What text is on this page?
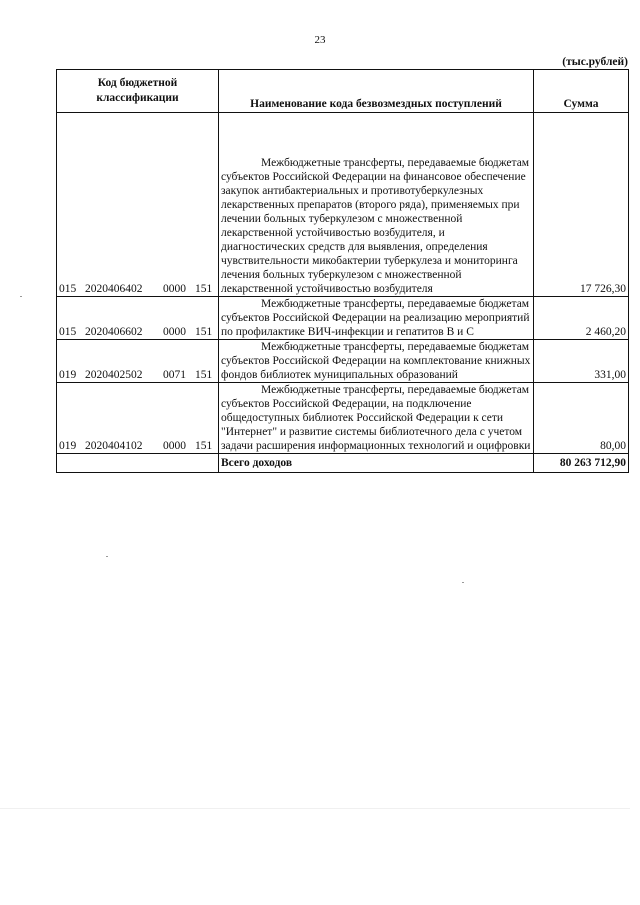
23
(тыс.рублей)
Код бюджетной классификации	Наименование кода безвозмездных поступлений	Сумма
015 2020406402 0000 151	Межбюджетные трансферты, передаваемые бюджетам субъектов Российской Федерации на финансовое обеспечение закупок антибактериальных и противотуберкулезных лекарственных препаратов (второго ряда), применяемых при лечении больных туберкулезом с множественной лекарственной устойчивостью возбудителя, и диагностических средств для выявления, определения чувствительности микобактерии туберкулеза и мониторинга лечения больных туберкулезом с множественной лекарственной устойчивостью возбудителя	17 726,30
015 2020406602 0000 151	Межбюджетные трансферты, передаваемые бюджетам субъектов Российской Федерации на реализацию мероприятий по профилактике ВИЧ-инфекции и гепатитов В и С	2 460,20
019 2020402502 0071 151	Межбюджетные трансферты, передаваемые бюджетам субъектов Российской Федерации на комплектование книжных фондов библиотек муниципальных образований	331,00
019 2020404102 0000 151	Межбюджетные трансферты, передаваемые бюджетам субъектов Российской Федерации, на подключение общедоступных библиотек Российской Федерации к сети "Интернет" и развитие системы библиотечного дела с учетом задачи расширения информационных технологий и оцифровки	80,00
	Всего доходов	80 263 712,90
